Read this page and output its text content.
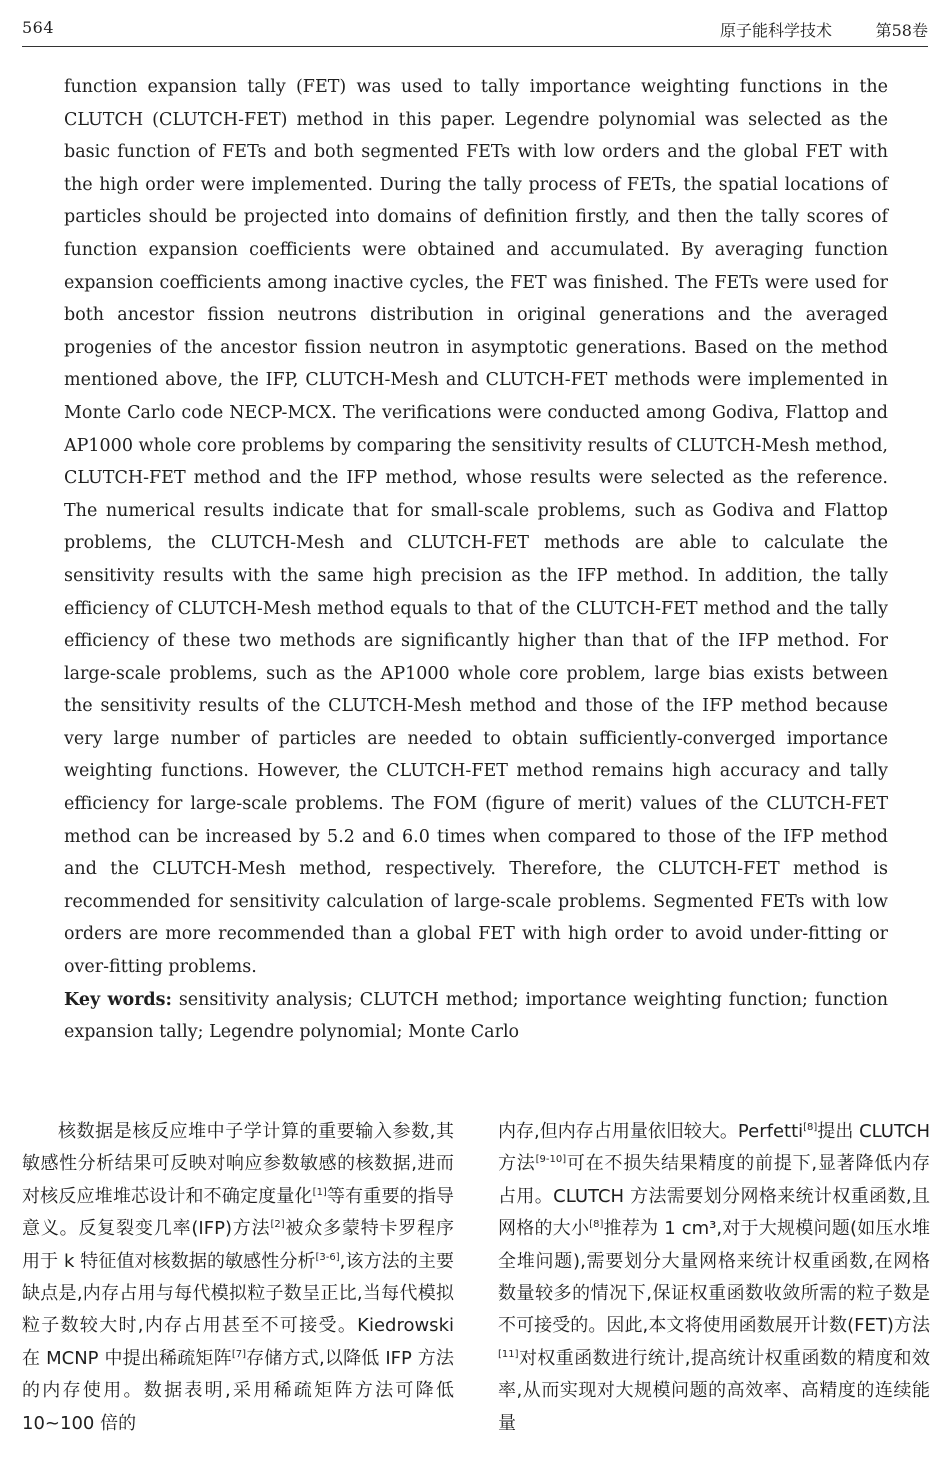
564	原子能科学技术	第58卷

function expansion tally (FET) was used to tally importance weighting functions in the CLUTCH (CLUTCH-FET) method in this paper. Legendre polynomial was selected as the basic function of FETs and both segmented FETs with low orders and the global FET with the high order were implemented. During the tally process of FETs, the spatial locations of particles should be projected into domains of definition firstly, and then the tally scores of function expansion coefficients were obtained and accumulated. By averaging function expansion coefficients among inactive cycles, the FET was finished. The FETs were used for both ancestor fission neutrons distribution in original generations and the averaged progenies of the ancestor fission neutron in asymptotic generations. Based on the method mentioned above, the IFP, CLUTCH-Mesh and CLUTCH-FET methods were implemented in Monte Carlo code NECP-MCX. The verifications were conducted among Godiva, Flattop and AP1000 whole core problems by comparing the sensitivity results of CLUTCH-Mesh method, CLUTCH-FET method and the IFP method, whose results were selected as the reference. The numerical results indicate that for small-scale problems, such as Godiva and Flattop problems, the CLUTCH-Mesh and CLUTCH-FET methods are able to calculate the sensitivity results with the same high precision as the IFP method. In addition, the tally efficiency of CLUTCH-Mesh method equals to that of the CLUTCH-FET method and the tally efficiency of these two methods are significantly higher than that of the IFP method. For large-scale problems, such as the AP1000 whole core problem, large bias exists between the sensitivity results of the CLUTCH-Mesh method and those of the IFP method because very large number of particles are needed to obtain sufficiently-converged importance weighting functions. However, the CLUTCH-FET method remains high accuracy and tally efficiency for large-scale problems. The FOM (figure of merit) values of the CLUTCH-FET method can be increased by 5.2 and 6.0 times when compared to those of the IFP method and the CLUTCH-Mesh method, respectively. Therefore, the CLUTCH-FET method is recommended for sensitivity calculation of large-scale problems. Segmented FETs with low orders are more recommended than a global FET with high order to avoid under-fitting or over-fitting problems.

Key words: sensitivity analysis; CLUTCH method; importance weighting function; function expansion tally; Legendre polynomial; Monte Carlo

核数据是核反应堆中子学计算的重要输入参数,其敏感性分析结果可反映对响应参数敏感的核数据,进而对核反应堆堆芯设计和不确定度量化[1]等有重要的指导意义。反复裂变几率(IFP)方法[2]被众多蒙特卡罗程序用于 k 特征值对核数据的敏感性分析[3-6],该方法的主要缺点是,内存占用与每代模拟粒子数呈正比,当每代模拟粒子数较大时,内存占用甚至不可接受。Kiedrowski 在 MCNP 中提出稀疏矩阵[7]存储方式,以降低 IFP 方法的内存使用。数据表明,采用稀疏矩阵方法可降低 10~100 倍的

内存,但内存占用量依旧较大。Perfetti[8]提出 CLUTCH 方法[9-10]可在不损失结果精度的前提下,显著降低内存占用。CLUTCH 方法需要划分网格来统计权重函数,且网格的大小[8]推荐为 1 cm³,对于大规模问题(如压水堆全堆问题),需要划分大量网格来统计权重函数,在网格数量较多的情况下,保证权重函数收敛所需的粒子数是不可接受的。因此,本文将使用函数展开计数(FET)方法[11]对权重函数进行统计,提高统计权重函数的精度和效率,从而实现对大规模问题的高效率、高精度的连续能量
